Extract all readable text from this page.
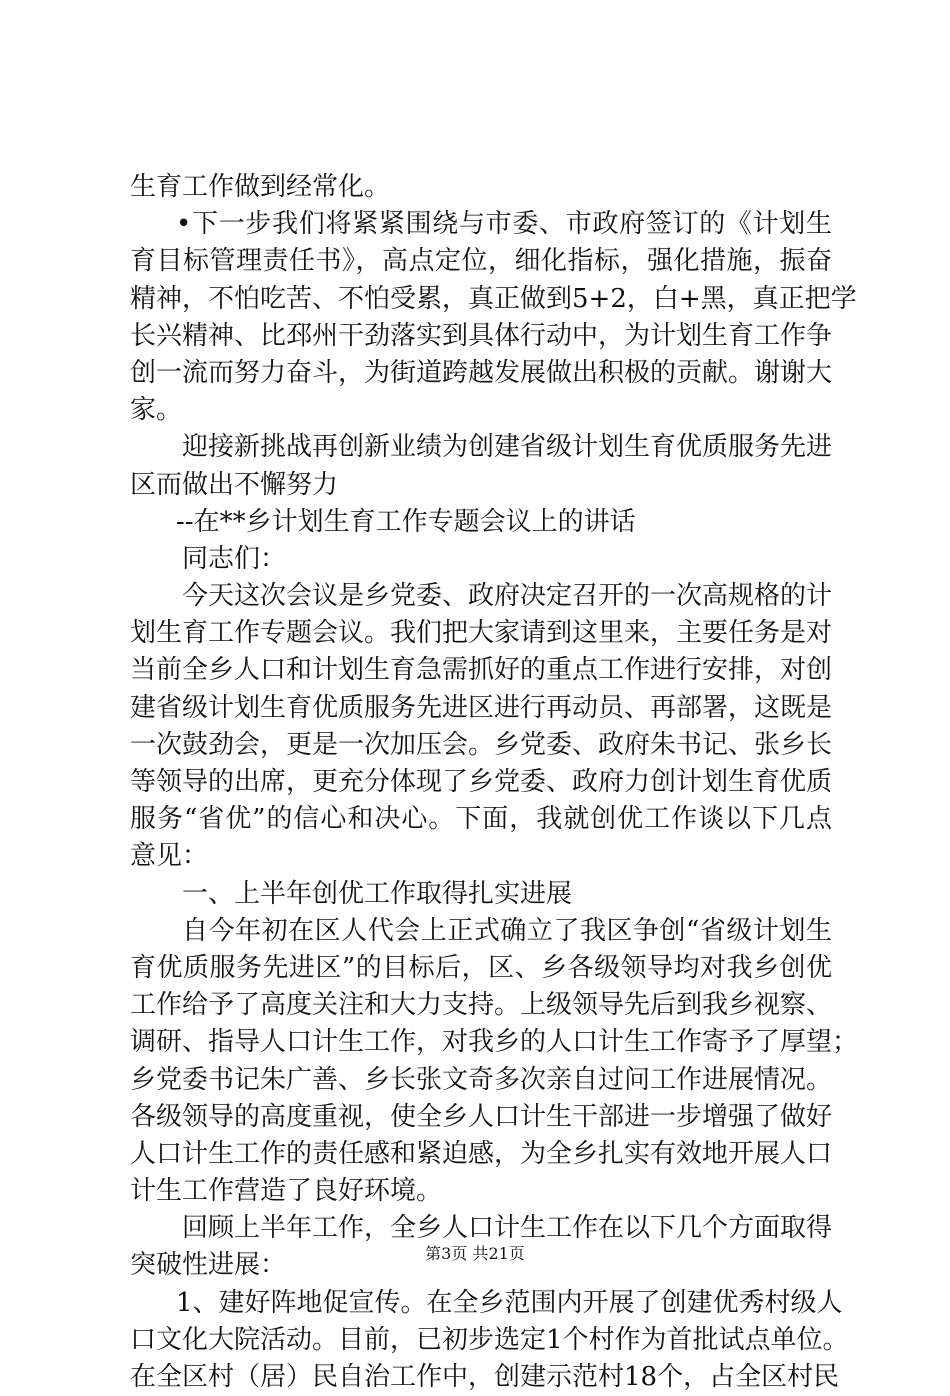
生育工作做到经常化。
•下一步我们将紧紧围绕与市委、市政府签订的《计划生
育目标管理责任书》，高点定位，细化指标，强化措施，振奋
精神，不怕吃苦、不怕受累，真正做到5+2，白+黑，真正把学
长兴精神、比邳州干劲落实到具体行动中，为计划生育工作争
创一流而努力奋斗，为街道跨越发展做出积极的贡献。谢谢大
家。
迎接新挑战再创新业绩为创建省级计划生育优质服务先进
区而做出不懈努力
--在**乡计划生育工作专题会议上的讲话
同志们：
今天这次会议是乡党委、政府决定召开的一次高规格的计
划生育工作专题会议。我们把大家请到这里来，主要任务是对
当前全乡人口和计划生育急需抓好的重点工作进行安排，对创
建省级计划生育优质服务先进区进行再动员、再部署，这既是
一次鼓劲会，更是一次加压会。乡党委、政府朱书记、张乡长
等领导的出席，更充分体现了乡党委、政府力创计划生育优质
服务“省优”的信心和决心。下面，我就创优工作谈以下几点
意见：
一、上半年创优工作取得扎实进展
自今年初在区人代会上正式确立了我区争创“省级计划生
育优质服务先进区”的目标后，区、乡各级领导均对我乡创优
工作给予了高度关注和大力支持。上级领导先后到我乡视察、
调研、指导人口计生工作，对我乡的人口计生工作寄予了厚望；
乡党委书记朱广善、乡长张文奇多次亲自过问工作进展情况。
各级领导的高度重视，使全乡人口计生干部进一步增强了做好
人口计生工作的责任感和紧迫感，为全乡扎实有效地开展人口
计生工作营造了良好环境。
回顾上半年工作，全乡人口计生工作在以下几个方面取得
突破性进展：
1、建好阵地促宣传。在全乡范围内开展了创建优秀村级人
口文化大院活动。目前，已初步选定1个村作为首批试点单位。
在全区村（居）民自治工作中，创建示范村18个，占全区村民
第3页 共21页
